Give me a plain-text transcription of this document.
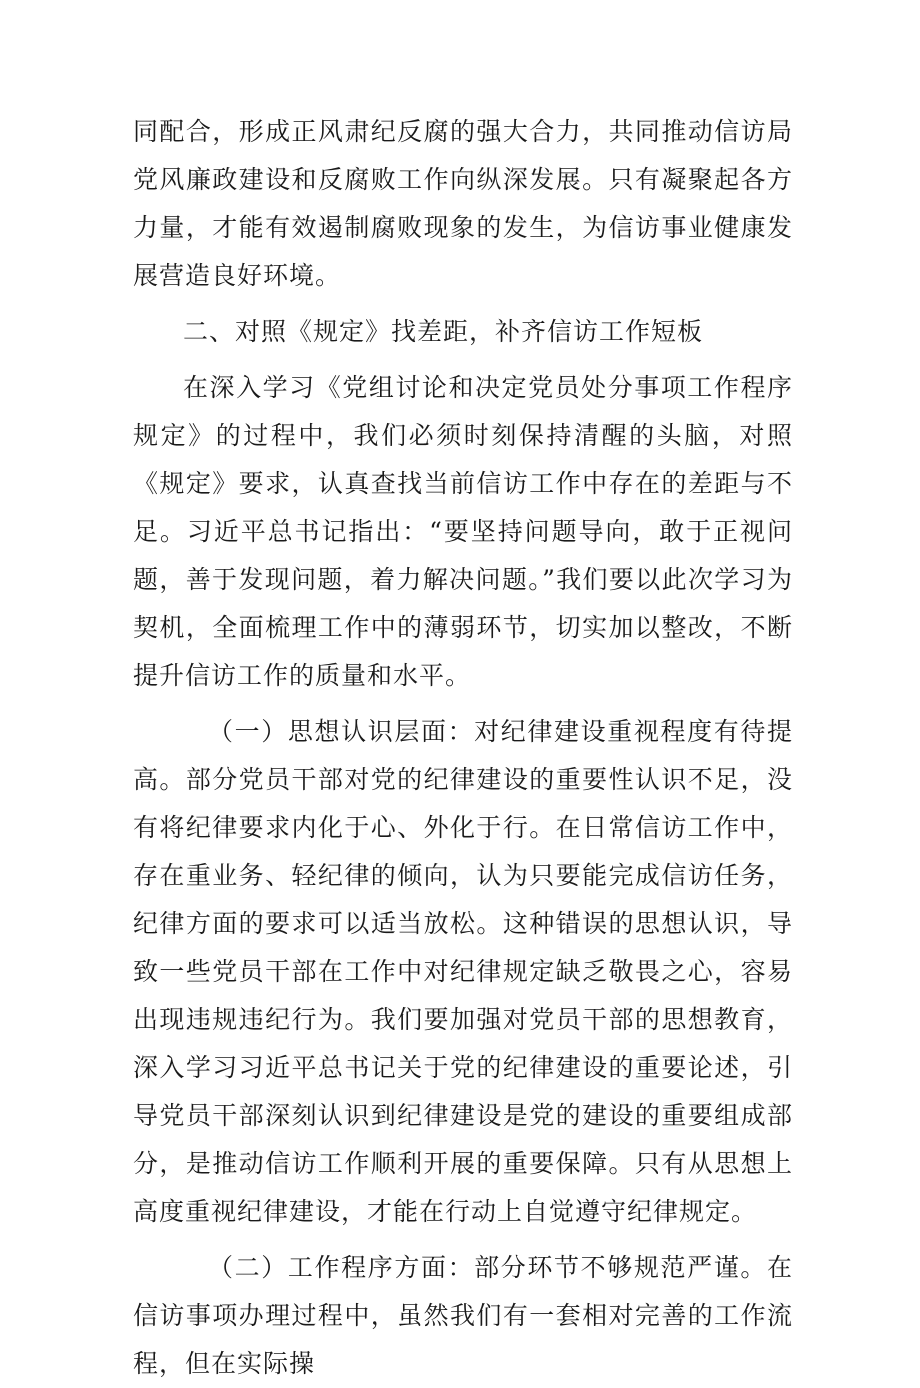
同配合，形成正风肃纪反腐的强大合力，共同推动信访局党风廉政建设和反腐败工作向纵深发展。只有凝聚起各方力量，才能有效遏制腐败现象的发生，为信访事业健康发展营造良好环境。

二、对照《规定》找差距，补齐信访工作短板

在深入学习《党组讨论和决定党员处分事项工作程序规定》的过程中，我们必须时刻保持清醒的头脑，对照《规定》要求，认真查找当前信访工作中存在的差距与不足。习近平总书记指出：“要坚持问题导向，敢于正视问题，善于发现问题，着力解决问题。”我们要以此次学习为契机，全面梳理工作中的薄弱环节，切实加以整改，不断提升信访工作的质量和水平。

（一）思想认识层面：对纪律建设重视程度有待提高。部分党员干部对党的纪律建设的重要性认识不足，没有将纪律要求内化于心、外化于行。在日常信访工作中，存在重业务、轻纪律的倾向，认为只要能完成信访任务，纪律方面的要求可以适当放松。这种错误的思想认识，导致一些党员干部在工作中对纪律规定缺乏敬畏之心，容易出现违规违纪行为。我们要加强对党员干部的思想教育，深入学习习近平总书记关于党的纪律建设的重要论述，引导党员干部深刻认识到纪律建设是党的建设的重要组成部分，是推动信访工作顺利开展的重要保障。只有从思想上高度重视纪律建设，才能在行动上自觉遵守纪律规定。

（二）工作程序方面：部分环节不够规范严谨。在信访事项办理过程中，虽然我们有一套相对完善的工作流程，但在实际操
